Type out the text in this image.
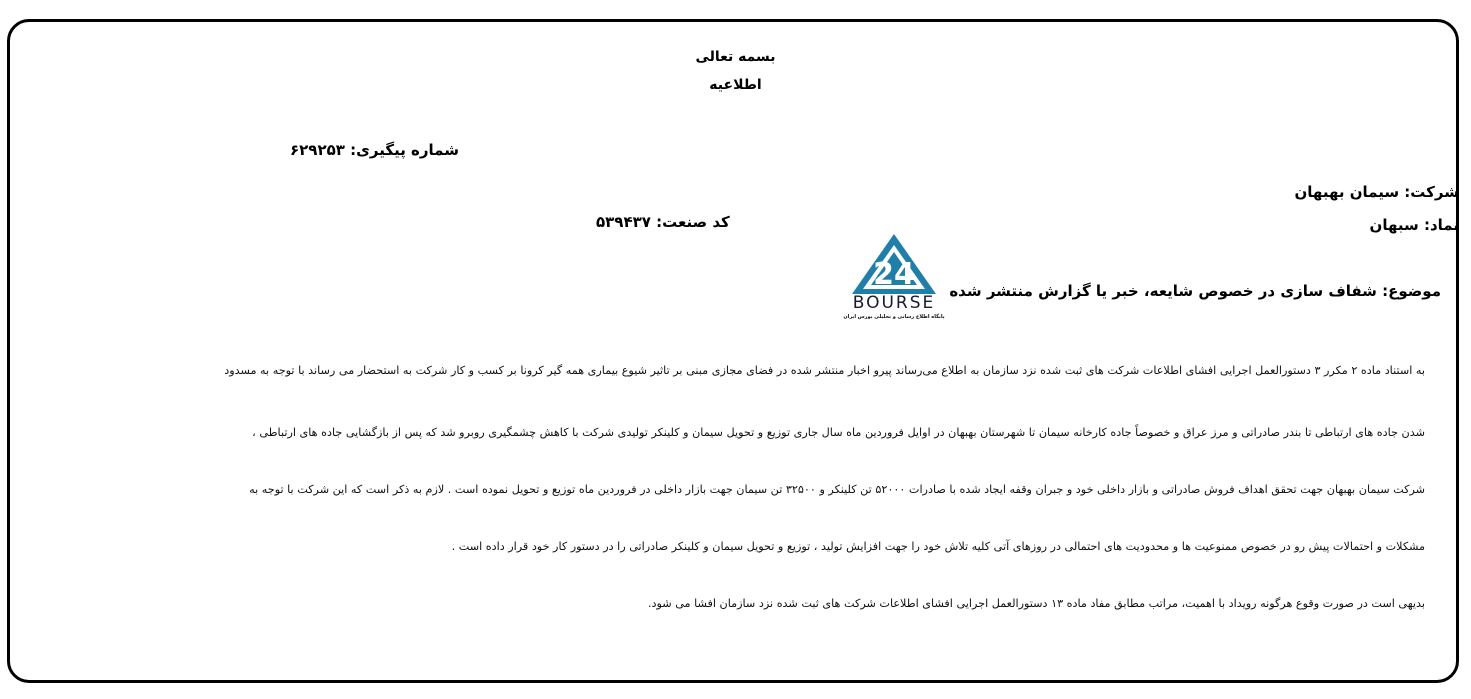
بسمه تعالی
اطلاعیه
شماره پیگیری: ۶۲۹۲۵۳
شرکت: سیمان بهبهان
نماد: سبهان
کد صنعت: ۵۳۹۴۳۷
موضوع: شفاف سازی در خصوص شایعه، خبر یا گزارش منتشر شده
24
BOURSE
پایگاه اطلاع رسانی و تحلیلی بورس ایران
به استناد ماده ۲ مکرر ۳ دستورالعمل اجرایی افشای اطلاعات شرکت های ثبت شده نزد سازمان به اطلاع می‌رساند پیرو اخبار منتشر شده در فضای مجازی مبنی بر تاثیر شیوع بیماری همه گیر کرونا بر کسب و کار شرکت به استحضار می رساند با توجه به مسدود
شدن جاده های ارتباطی تا بندر صادراتی و مرز عراق و خصوصاً جاده کارخانه سیمان تا شهرستان بهبهان در اوایل فروردین ماه سال جاری توزیع و تحویل سیمان و کلینکر تولیدی شرکت با کاهش چشمگیری روبرو شد که پس از بازگشایی جاده های ارتباطی ،
شرکت سیمان بهبهان جهت تحقق اهداف فروش صادراتی و بازار داخلی خود و جبران وقفه ایجاد شده با صادرات ۵۲۰۰۰ تن کلینکر و ۳۲۵۰۰ تن سیمان جهت بازار داخلی در فروردین ماه توزیع و تحویل نموده است . لازم به ذکر است که این شرکت با توجه به
مشکلات و احتمالات پیش رو در خصوص ممنوعیت ها و محدودیت های احتمالی در روزهای آتی کلیه تلاش خود را جهت افزایش تولید ، توزیع و تحویل سیمان و کلینکر صادراتی را در دستور کار خود قرار داده است .
بدیهی است در صورت وقوع هرگونه رویداد با اهمیت، مراتب مطابق مفاد ماده ۱۳ دستورالعمل اجرایی افشای اطلاعات شرکت های ثبت شده نزد سازمان افشا می شود.
